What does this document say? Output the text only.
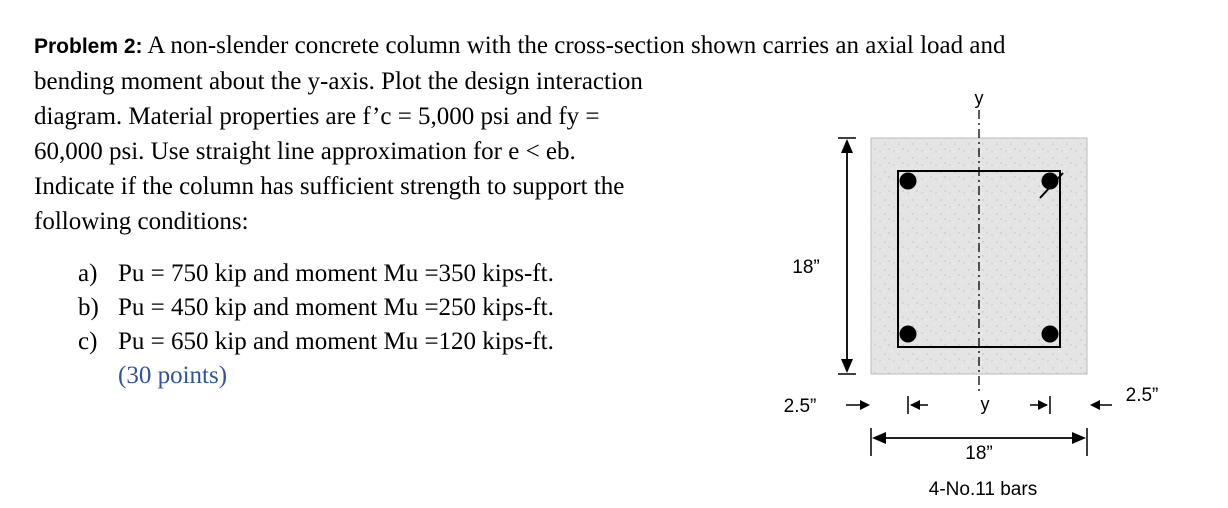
Problem 2: A non-slender concrete column with the cross-section shown carries an axial load and
bending moment about the y-axis. Plot the design interaction
diagram. Material properties are f’c = 5,000 psi and fy =
60,000 psi. Use straight line approximation for e < eb.
Indicate if the column has sufficient strength to support the
following conditions:
a) Pu = 750 kip and moment Mu =350 kips-ft.
b) Pu = 450 kip and moment Mu =250 kips-ft.
c) Pu = 650 kip and moment Mu =120 kips-ft.
(30 points)
y
y
18”
2.5”
2.5”
18”
4-No.11 bars
